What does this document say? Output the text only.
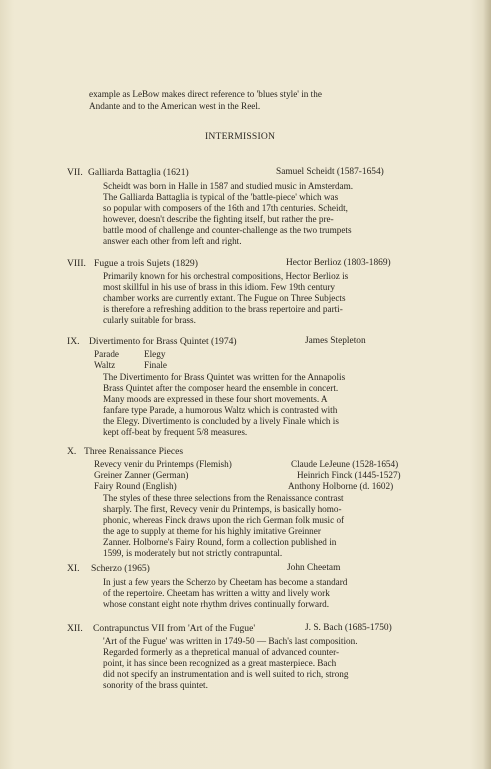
example as LeBow makes direct reference to 'blues style' in the
Andante and to the American west in the Reel.
INTERMISSION
VII. Galliarda Battaglia (1621)	Samuel Scheidt (1587-1654)
Scheidt was born in Halle in 1587 and studied music in Amsterdam.
The Galliarda Battaglia is typical of the 'battle-piece' which was
so popular with composers of the 16th and 17th centuries. Scheidt,
however, doesn't describe the fighting itself, but rather the pre-
battle mood of challenge and counter-challenge as the two trumpets
answer each other from left and right.
VIII. Fugue a trois Sujets (1829)	Hector Berlioz (1803-1869)
Primarily known for his orchestral compositions, Hector Berlioz is
most skillful in his use of brass in this idiom. Few 19th century
chamber works are currently extant. The Fugue on Three Subjects
is therefore a refreshing addition to the brass repertoire and parti-
cularly suitable for brass.
IX. Divertimento for Brass Quintet (1974)	James Stepleton
Parade	Elegy
Waltz	Finale
The Divertimento for Brass Quintet was written for the Annapolis
Brass Quintet after the composer heard the ensemble in concert.
Many moods are expressed in these four short movements. A
fanfare type Parade, a humorous Waltz which is contrasted with
the Elegy. Divertimento is concluded by a lively Finale which is
kept off-beat by frequent 5/8 measures.
X. Three Renaissance Pieces
Revecy venir du Printemps (Flemish)	Claude LeJeune (1528-1654)
Greiner Zanner (German)	Heinrich Finck (1445-1527)
Fairy Round (English)	Anthony Holborne (d. 1602)
The styles of these three selections from the Renaissance contrast
sharply. The first, Revecy venir du Printemps, is basically homo-
phonic, whereas Finck draws upon the rich German folk music of
the age to supply at theme for his highly imitative Greinner
Zanner. Holborne's Fairy Round, form a collection published in
1599, is moderately but not strictly contrapuntal.
XI. Scherzo (1965)	John Cheetam
In just a few years the Scherzo by Cheetam has become a standard
of the repertoire. Cheetam has written a witty and lively work
whose constant eight note rhythm drives continually forward.
XII. Contrapunctus VII from 'Art of the Fugue'	J. S. Bach (1685-1750)
'Art of the Fugue' was written in 1749-50 — Bach's last composition.
Regarded formerly as a thepretical manual of advanced counter-
point, it has since been recognized as a great masterpiece. Bach
did not specify an instrumentation and is well suited to rich, strong
sonority of the brass quintet.
